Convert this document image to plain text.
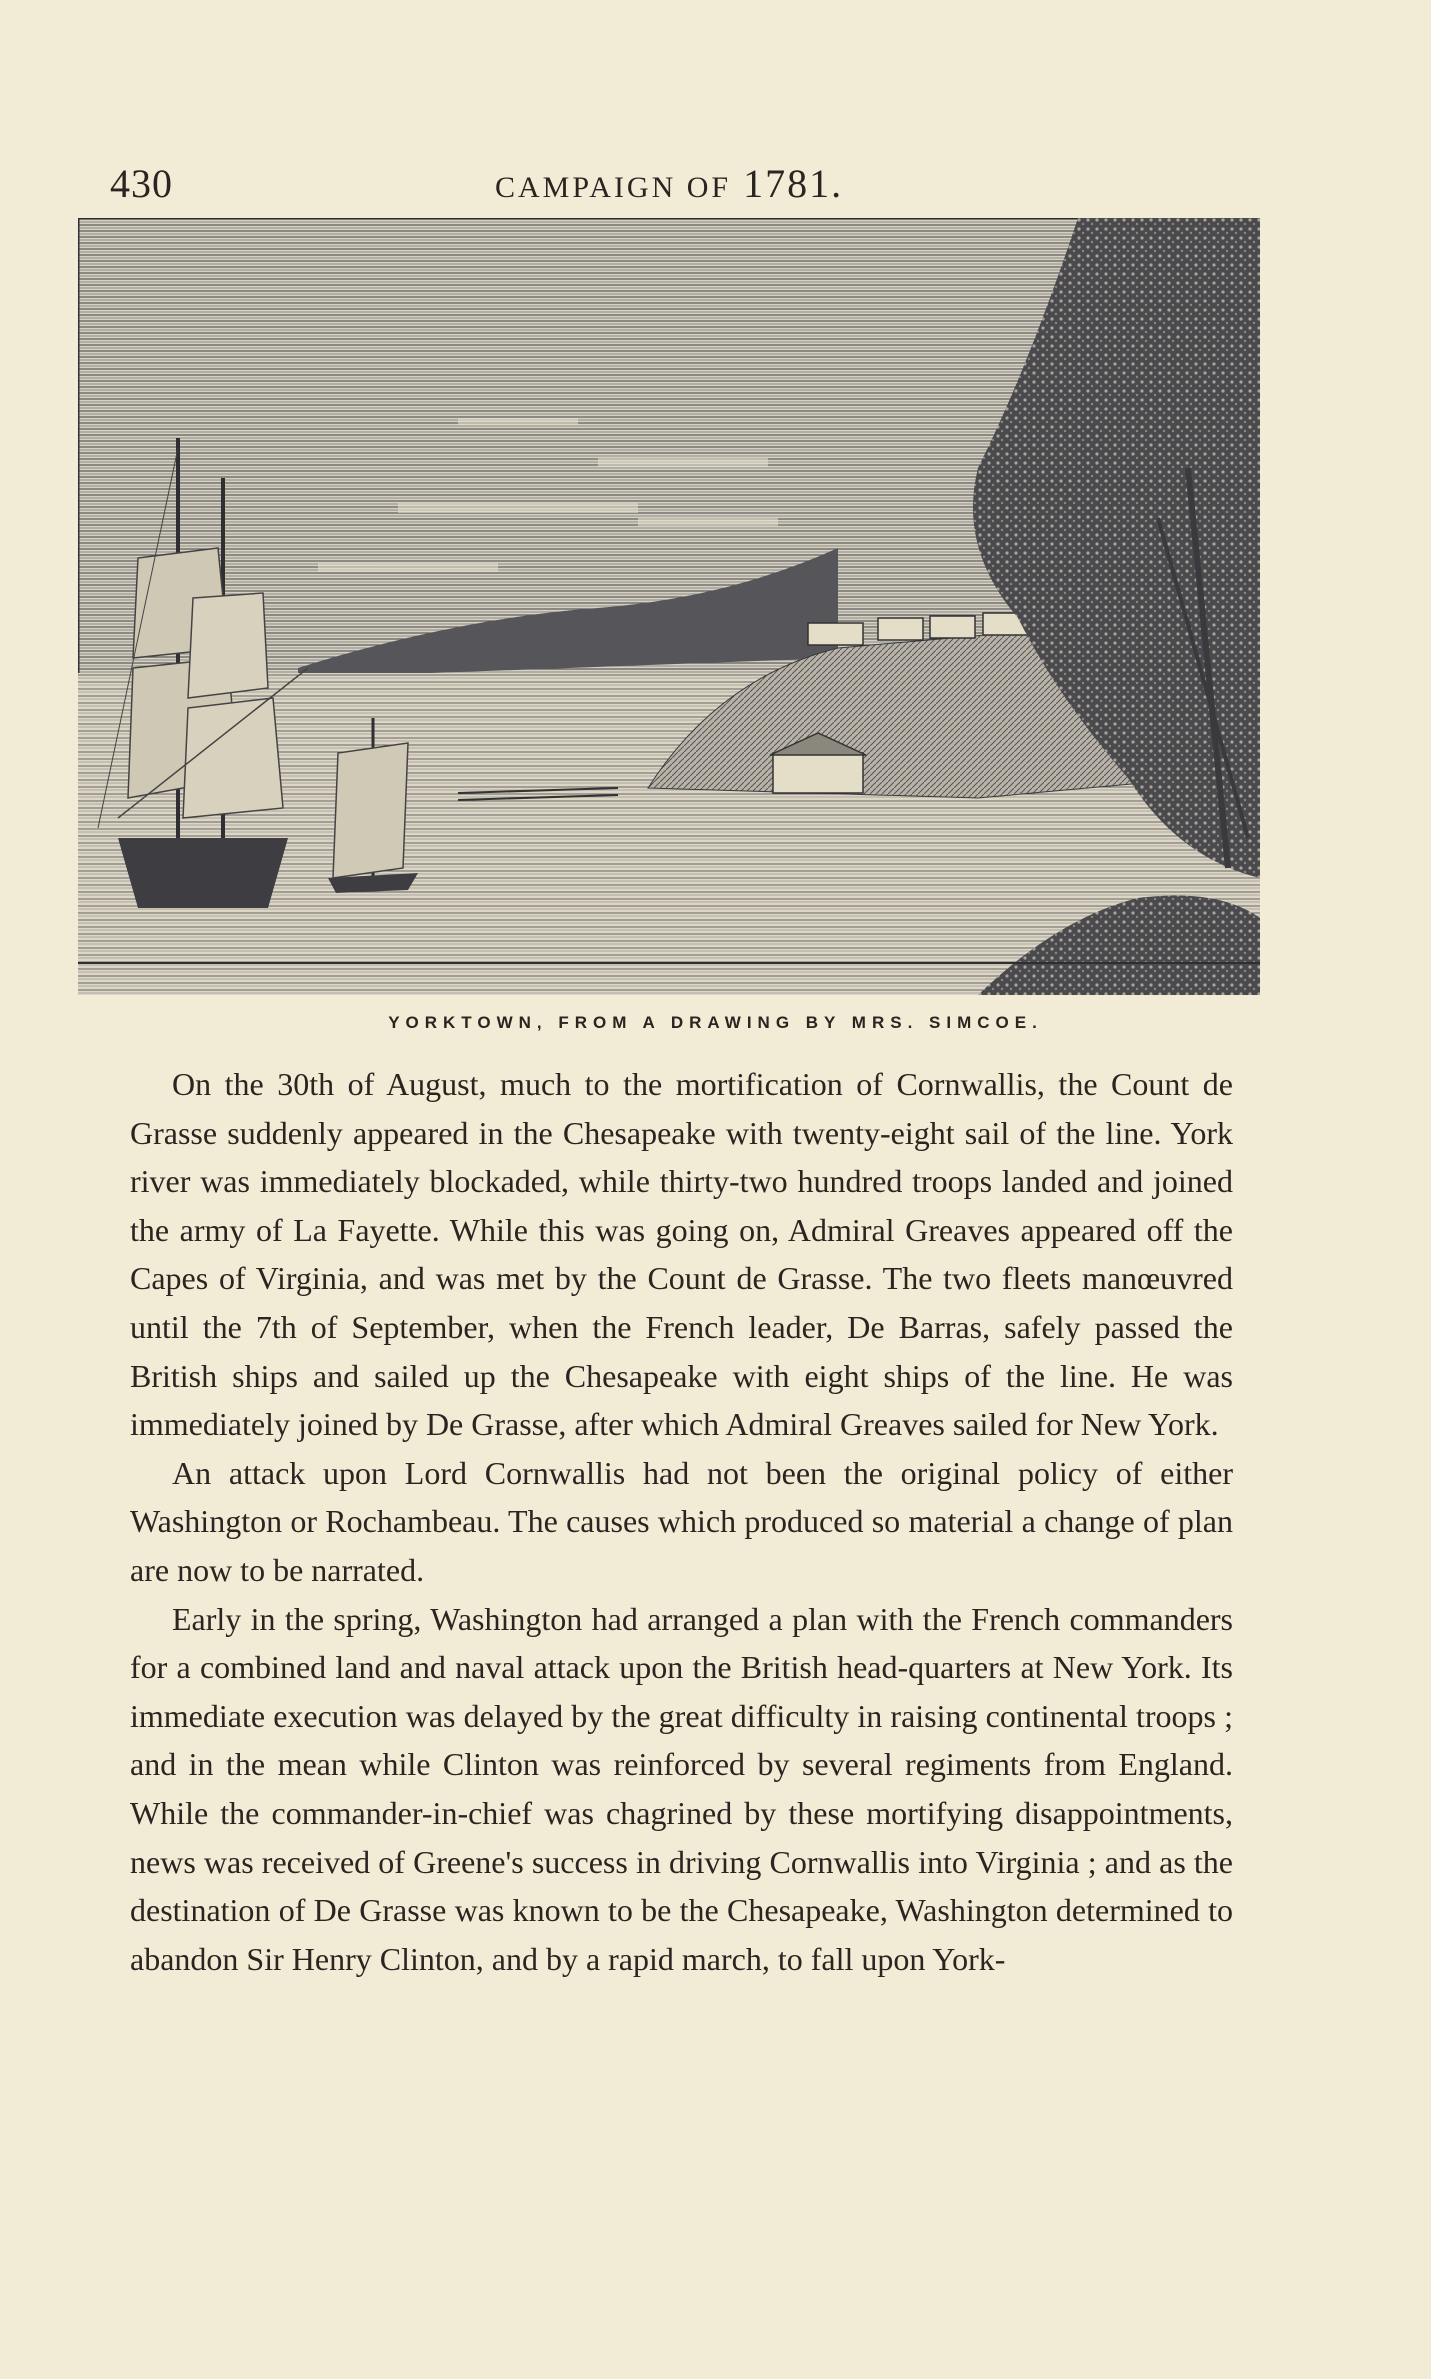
430	CAMPAIGN OF 1781.
YORKTOWN, FROM A DRAWING BY MRS. SIMCOE.

On the 30th of August, much to the mortification of Cornwallis, the Count de Grasse suddenly appeared in the Chesapeake with twenty-eight sail of the line. York river was immediately blockaded, while thirty-two hundred troops landed and joined the army of La Fayette. While this was going on, Admiral Greaves appeared off the Capes of Virginia, and was met by the Count de Grasse. The two fleets manœuvred until the 7th of September, when the French leader, De Barras, safely passed the British ships and sailed up the Chesapeake with eight ships of the line. He was immediately joined by De Grasse, after which Admiral Greaves sailed for New York.

An attack upon Lord Cornwallis had not been the original policy of either Washington or Rochambeau. The causes which produced so material a change of plan are now to be narrated.

Early in the spring, Washington had arranged a plan with the French commanders for a combined land and naval attack upon the British head-quarters at New York. Its immediate execution was delayed by the great difficulty in raising continental troops ; and in the mean while Clinton was reinforced by several regiments from England. While the commander-in-chief was chagrined by these mortifying disappointments, news was received of Greene's success in driving Cornwallis into Virginia ; and as the destination of De Grasse was known to be the Chesapeake, Washington determined to abandon Sir Henry Clinton, and by a rapid march, to fall upon York-
